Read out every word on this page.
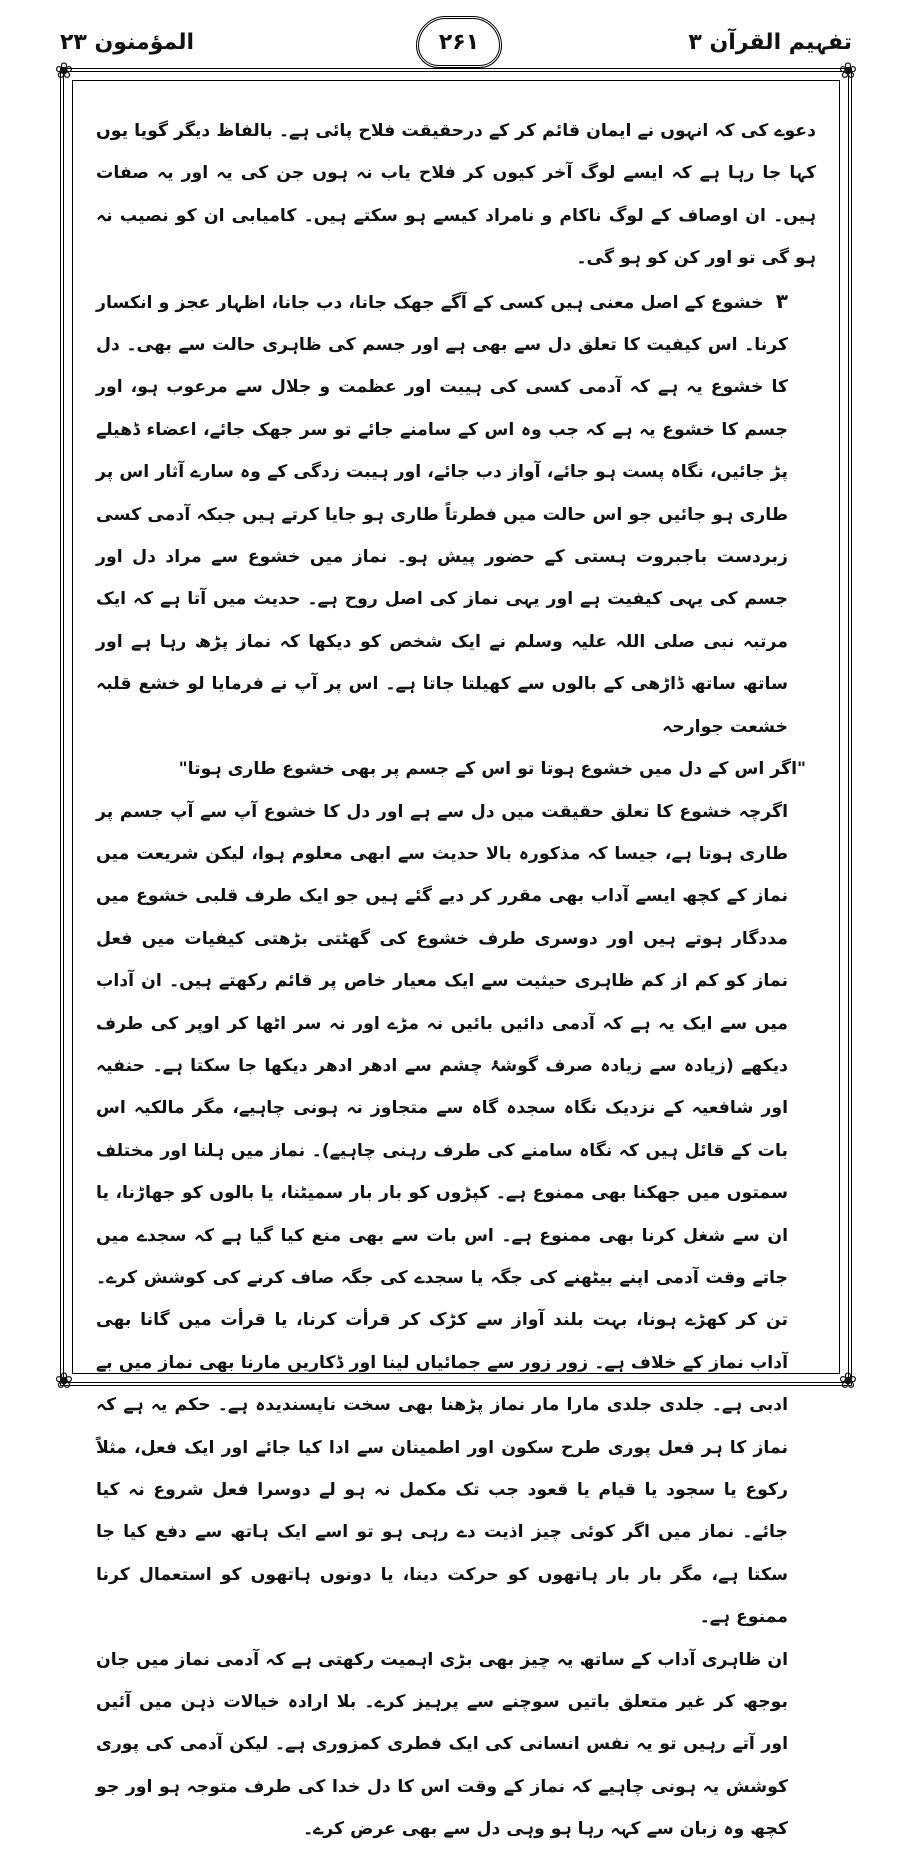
المؤمنون ۲۳	۲۶۱	تفہیم القرآن ۳
❀	❀
❀	❀

دعوے کی کہ انہوں نے ایمان قائم کر کے درحقیقت فلاح پائی ہے۔ بالفاظ دیگر گویا یوں کہا جا رہا ہے کہ ایسے لوگ آخر کیوں کر فلاح یاب نہ ہوں جن کی یہ اور یہ صفات ہیں۔ ان اوصاف کے لوگ ناکام و نامراد کیسے ہو سکتے ہیں۔ کامیابی ان کو نصیب نہ ہو گی تو اور کن کو ہو گی۔

۳ خشوع کے اصل معنی ہیں کسی کے آگے جھک جانا، دب جانا، اظہار عجز و انکسار کرنا۔ اس کیفیت کا تعلق دل سے بھی ہے اور جسم کی ظاہری حالت سے بھی۔ دل کا خشوع یہ ہے کہ آدمی کسی کی ہیبت اور عظمت و جلال سے مرعوب ہو، اور جسم کا خشوع یہ ہے کہ جب وہ اس کے سامنے جائے تو سر جھک جائے، اعضاء ڈھیلے پڑ جائیں، نگاہ پست ہو جائے، آواز دب جائے، اور ہیبت زدگی کے وہ سارے آثار اس پر طاری ہو جائیں جو اس حالت میں فطرتاً طاری ہو جایا کرتے ہیں جبکہ آدمی کسی زبردست باجبروت ہستی کے حضور پیش ہو۔ نماز میں خشوع سے مراد دل اور جسم کی یہی کیفیت ہے اور یہی نماز کی اصل روح ہے۔ حدیث میں آتا ہے کہ ایک مرتبہ نبی صلی اللہ علیہ وسلم نے ایک شخص کو دیکھا کہ نماز پڑھ رہا ہے اور ساتھ ساتھ ڈاڑھی کے بالوں سے کھیلتا جاتا ہے۔ اس پر آپ نے فرمایا لو خشع قلبہ خشعت جوارحہ

"اگر اس کے دل میں خشوع ہوتا تو اس کے جسم پر بھی خشوع طاری ہوتا"

اگرچہ خشوع کا تعلق حقیقت میں دل سے ہے اور دل کا خشوع آپ سے آپ جسم پر طاری ہوتا ہے، جیسا کہ مذکورہ بالا حدیث سے ابھی معلوم ہوا، لیکن شریعت میں نماز کے کچھ ایسے آداب بھی مقرر کر دیے گئے ہیں جو ایک طرف قلبی خشوع میں مددگار ہوتے ہیں اور دوسری طرف خشوع کی گھٹتی بڑھتی کیفیات میں فعل نماز کو کم از کم ظاہری حیثیت سے ایک معیار خاص پر قائم رکھتے ہیں۔ ان آداب میں سے ایک یہ ہے کہ آدمی دائیں بائیں نہ مڑے اور نہ سر اٹھا کر اوپر کی طرف دیکھے (زیادہ سے زیادہ صرف گوشۂ چشم سے ادھر ادھر دیکھا جا سکتا ہے۔ حنفیہ اور شافعیہ کے نزدیک نگاہ سجدہ گاہ سے متجاوز نہ ہونی چاہیے، مگر مالکیہ اس بات کے قائل ہیں کہ نگاہ سامنے کی طرف رہنی چاہیے)۔ نماز میں ہلنا اور مختلف سمتوں میں جھکنا بھی ممنوع ہے۔ کپڑوں کو بار بار سمیٹنا، یا بالوں کو جھاڑنا، یا ان سے شغل کرنا بھی ممنوع ہے۔ اس بات سے بھی منع کیا گیا ہے کہ سجدے میں جاتے وقت آدمی اپنے بیٹھنے کی جگہ یا سجدے کی جگہ صاف کرنے کی کوشش کرے۔ تن کر کھڑے ہونا، بہت بلند آواز سے کڑک کر قرأت کرنا، یا قرأت میں گانا بھی آداب نماز کے خلاف ہے۔ زور زور سے جمائیاں لینا اور ڈکاریں مارنا بھی نماز میں بے ادبی ہے۔ جلدی جلدی مارا مار نماز پڑھنا بھی سخت ناپسندیدہ ہے۔ حکم یہ ہے کہ نماز کا ہر فعل پوری طرح سکون اور اطمینان سے ادا کیا جائے اور ایک فعل، مثلاً رکوع یا سجود یا قیام یا قعود جب تک مکمل نہ ہو لے دوسرا فعل شروع نہ کیا جائے۔ نماز میں اگر کوئی چیز اذیت دے رہی ہو تو اسے ایک ہاتھ سے دفع کیا جا سکتا ہے، مگر بار بار ہاتھوں کو حرکت دینا، یا دونوں ہاتھوں کو استعمال کرنا ممنوع ہے۔

ان ظاہری آداب کے ساتھ یہ چیز بھی بڑی اہمیت رکھتی ہے کہ آدمی نماز میں جان بوجھ کر غیر متعلق باتیں سوچنے سے پرہیز کرے۔ بلا ارادہ خیالات ذہن میں آئیں اور آتے رہیں تو یہ نفس انسانی کی ایک فطری کمزوری ہے۔ لیکن آدمی کی پوری کوشش یہ ہونی چاہیے کہ نماز کے وقت اس کا دل خدا کی طرف متوجہ ہو اور جو کچھ وہ زبان سے کہہ رہا ہو وہی دل سے بھی عرض کرے۔
